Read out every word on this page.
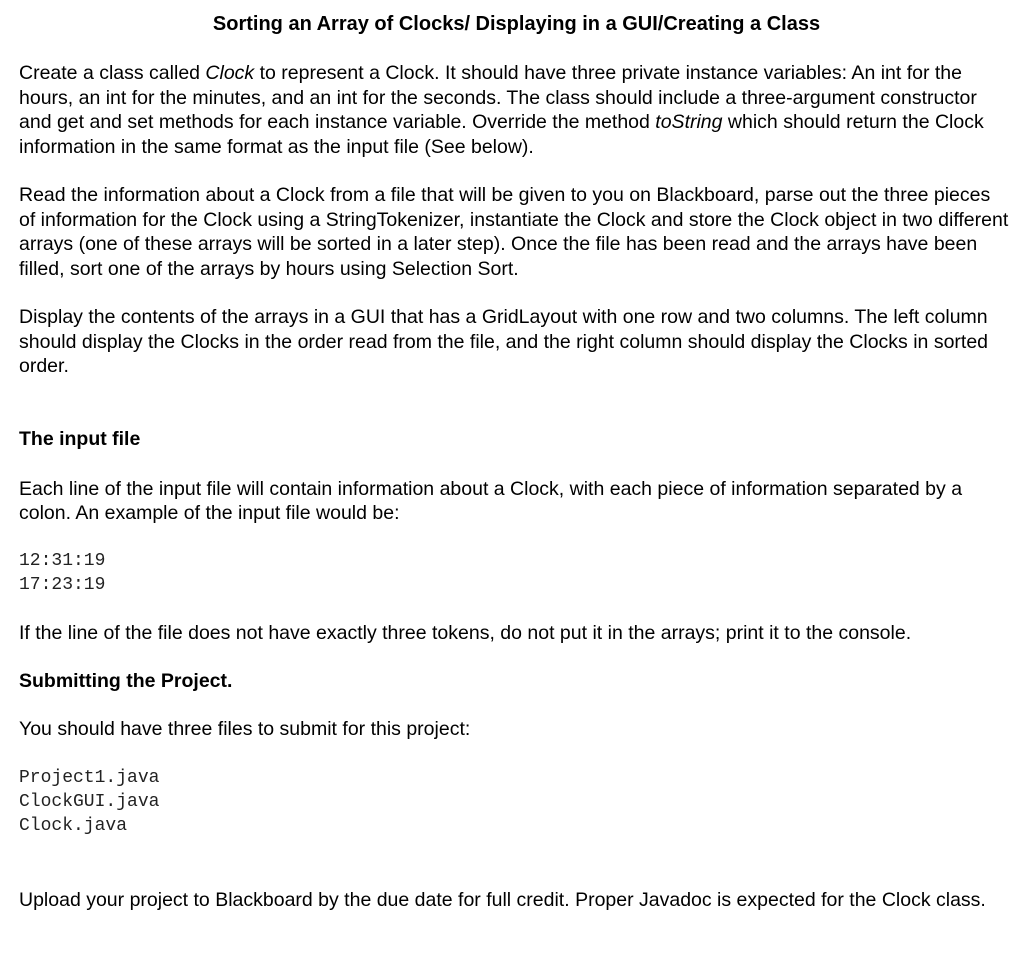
Sorting an Array of Clocks/ Displaying in a GUI/Creating a Class

Create a class called Clock to represent a Clock. It should have three private instance variables: An int for the hours, an int for the minutes, and an int for the seconds. The class should include a three-argument constructor and get and set methods for each instance variable. Override the method toString which should return the Clock information in the same format as the input file (See below).

Read the information about a Clock from a file that will be given to you on Blackboard, parse out the three pieces of information for the Clock using a StringTokenizer, instantiate the Clock and store the Clock object in two different arrays (one of these arrays will be sorted in a later step). Once the file has been read and the arrays have been filled, sort one of the arrays by hours using Selection Sort.

Display the contents of the arrays in a GUI that has a GridLayout with one row and two columns. The left column should display the Clocks in the order read from the file, and the right column should display the Clocks in sorted order.

The input file

Each line of the input file will contain information about a Clock, with each piece of information separated by a colon. An example of the input file would be:

12:31:19

17:23:19

If the line of the file does not have exactly three tokens, do not put it in the arrays; print it to the console.

Submitting the Project.

You should have three files to submit for this project:

Project1.java

ClockGUI.java

Clock.java

Upload your project to Blackboard by the due date for full credit. Proper Javadoc is expected for the Clock class.
